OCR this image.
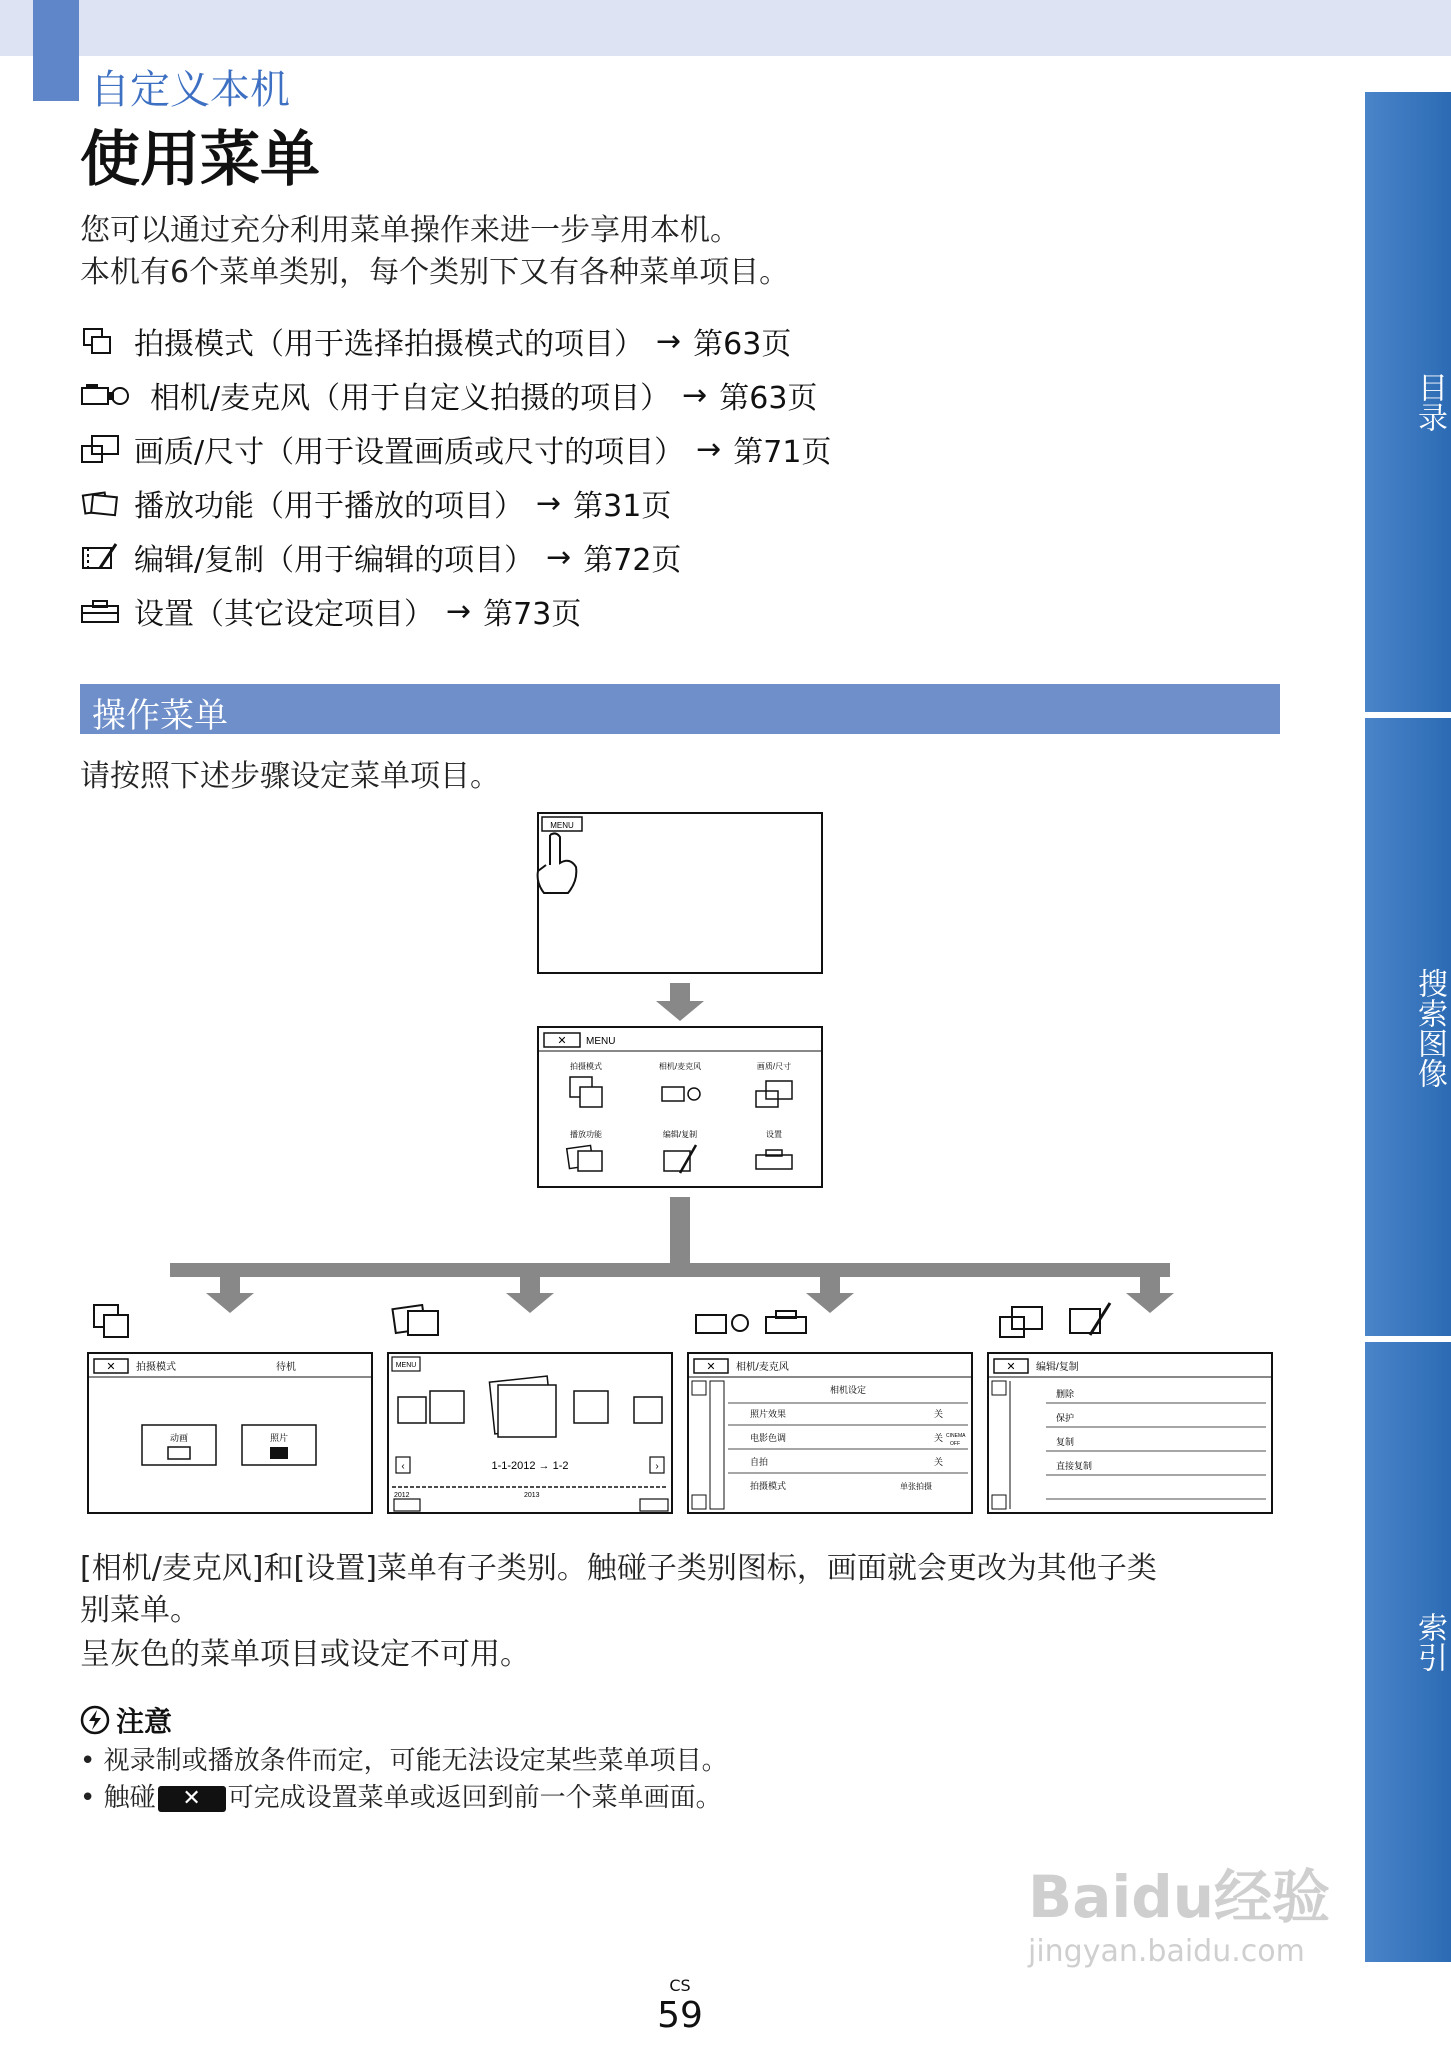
自定义本机
使用菜单
您可以通过充分利用菜单操作来进一步享用本机。
本机有6个菜单类别，每个类别下又有各种菜单项目。
拍摄模式（用于选择拍摄模式的项目） → 第63页
相机/麦克风（用于自定义拍摄的项目） → 第63页
画质/尺寸（用于设置画质或尺寸的项目） → 第71页
播放功能（用于播放的项目） → 第31页
编辑/复制（用于编辑的项目） → 第72页
设置（其它设定项目） → 第73页
操作菜单
请按照下述步骤设定菜单项目。
MENU
✕ MENU
拍摄模式	相机/麦克风	画质/尺寸
播放功能	编辑/复制	设置
✕ 拍摄模式	待机
动画	照片
MENU
‹	1-1-2012 → 1-2	›
2012	2013
✕ 相机/麦克风
相机设定
照片效果	关
电影色调	关 CINEMA
OFF
自拍	关
拍摄模式	单张拍摄
✕ 编辑/复制
删除
保护
复制
直接复制
[相机/麦克风]和[设置]菜单有子类别。触碰子类别图标，画面就会更改为其他子类
别菜单。
呈灰色的菜单项目或设定不可用。
注意
• 视录制或播放条件而定，可能无法设定某些菜单项目。
• 触碰 ✕ 可完成设置菜单或返回到前一个菜单画面。
目录
搜索图像
索引
CS
59
Baidu经验
jingyan.baidu.com
